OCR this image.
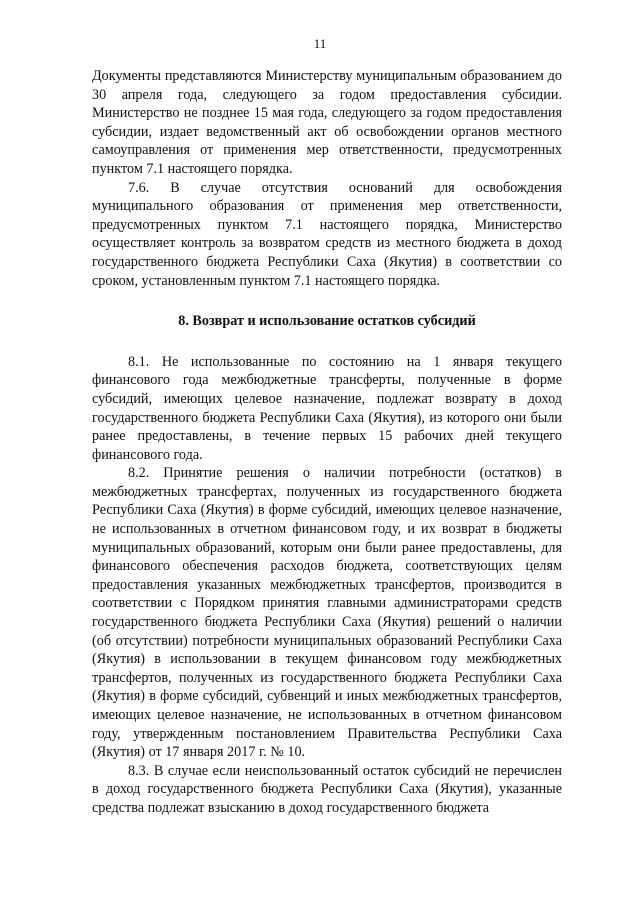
11

Документы представляются Министерству муниципальным образованием до 30 апреля года, следующего за годом предоставления субсидии. Министерство не позднее 15 мая года, следующего за годом предоставления субсидии, издает ведомственный акт об освобождении органов местного самоуправления от применения мер ответственности, предусмотренных пунктом 7.1 настоящего порядка.

7.6. В случае отсутствия оснований для освобождения муниципального образования от применения мер ответственности, предусмотренных пунктом 7.1 настоящего порядка, Министерство осуществляет контроль за возвратом средств из местного бюджета в доход государственного бюджета Республики Саха (Якутия) в соответствии со сроком, установленным пунктом 7.1 настоящего порядка.

8. Возврат и использование остатков субсидий

8.1. Не использованные по состоянию на 1 января текущего финансового года межбюджетные трансферты, полученные в форме субсидий, имеющих целевое назначение, подлежат возврату в доход государственного бюджета Республики Саха (Якутия), из которого они были ранее предоставлены, в течение первых 15 рабочих дней текущего финансового года.

8.2. Принятие решения о наличии потребности (остатков) в межбюджетных трансфертах, полученных из государственного бюджета Республики Саха (Якутия) в форме субсидий, имеющих целевое назначение, не использованных в отчетном финансовом году, и их возврат в бюджеты муниципальных образований, которым они были ранее предоставлены, для финансового обеспечения расходов бюджета, соответствующих целям предоставления указанных межбюджетных трансфертов, производится в соответствии с Порядком принятия главными администраторами средств государственного бюджета Республики Саха (Якутия) решений о наличии (об отсутствии) потребности муниципальных образований Республики Саха (Якутия) в использовании в текущем финансовом году межбюджетных трансфертов, полученных из государственного бюджета Республики Саха (Якутия) в форме субсидий, субвенций и иных межбюджетных трансфертов, имеющих целевое назначение, не использованных в отчетном финансовом году, утвержденным постановлением Правительства Республики Саха (Якутия) от 17 января 2017 г. № 10.

8.3. В случае если неиспользованный остаток субсидий не перечислен в доход государственного бюджета Республики Саха (Якутия), указанные средства подлежат взысканию в доход государственного бюджета
